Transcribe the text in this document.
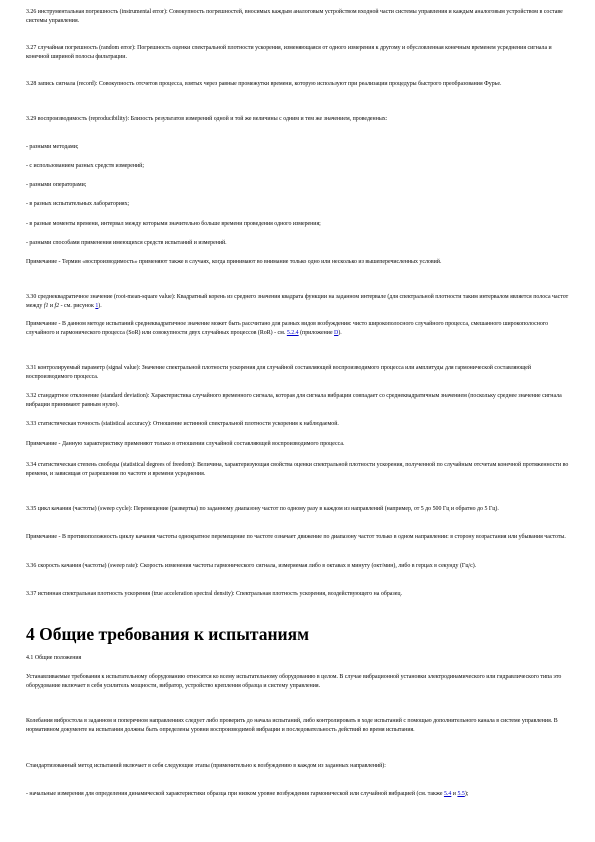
3.26 инструментальная погрешность (instrumental error): Совокупность погрешностей, вносимых каждым аналоговым устройством входной части системы управления и каждым аналоговым устройством в составе системы управления.

3.27 случайная погрешность (random error): Погрешность оценки спектральной плотности ускорения, изменяющаяся от одного измерения к другому и обусловленная конечным временем усреднения сигнала и конечной шириной полосы фильтрации.

3.28 запись сигнала (record): Совокупность отсчетов процесса, взятых через равные промежутки времени, которую используют при реализации процедуры быстрого преобразования Фурье.

3.29 воспроизводимость (reproducibility): Близость результатов измерений одной и той же величины с одним и тем же значением, проведенных:

- разными методами;

- с использованием разных средств измерений;

- разными операторами;

- в разных испытательных лабораториях;

- в разные моменты времени, интервал между которыми значительно больше времени проведения одного измерения;

- разными способами применения имеющихся средств испытаний и измерений.

Примечание - Термин «воспроизводимость» применяют также в случаях, когда принимают во внимание только одно или несколько из вышеперечисленных условий.

3.30 среднеквадратичное значение (root-mean-square value): Квадратный корень из среднего значения квадрата функции на заданном интервале (для спектральной плотности таким интервалом является полоса частот между f1 и f2 - см. рисунок 1).

Примечание - В данном методе испытаний среднеквадратичное значение может быть рассчитано для разных видов возбуждения: чисто широкополосного случайного процесса, смешанного широкополосного случайного и гармонического процесса (SoR) или совокупности двух случайных процессов (RoR) - см. 5.2.4 (приложение D).

3.31 контролируемый параметр (signal value): Значение спектральной плотности ускорения для случайной составляющей воспроизводимого процесса или амплитуды для гармонической составляющей воспроизводимого процесса.

3.32 стандартное отклонение (standard deviation): Характеристика случайного временного сигнала, которая для сигнала вибрации совпадает со среднеквадратичным значением (поскольку среднее значение сигнала вибрации принимают равным нулю).

3.33 статистическая точность (statistical accuracy): Отношение истинной спектральной плотности ускорения к наблюдаемой.

Примечание - Данную характеристику применяют только в отношении случайной составляющей воспроизводимого процесса.

3.34 статистическая степень свободы (statistical degrees of freedom): Величина, характеризующая свойства оценки спектральной плотности ускорения, полученной по случайным отсчетам конечной протяженности во времени, и зависящая от разрешения по частоте и времени усреднения.

3.35 цикл качания (частоты) (sweep cycle): Перемещение (развертка) по заданному диапазону частот по одному разу в каждом из направлений (например, от 5 до 500 Гц и обратно до 5 Гц).

Примечание - В противоположность циклу качания частоты однократное перемещение по частоте означает движение по диапазону частот только в одном направлении: в сторону возрастания или убывания частоты.

3.36 скорость качания (частоты) (sweep rate): Скорость изменения частоты гармонического сигнала, измеряемая либо в октавах в минуту (окт/мин), либо в герцах в секунду (Гц/с).

3.37 истинная спектральная плотность ускорения (true acceleration spectral density): Спектральная плотность ускорения, воздействующего на образец.

4 Общие требования к испытаниям

4.1 Общие положения

Устанавливаемые требования к испытательному оборудованию относятся ко всему испытательному оборудованию в целом. В случае вибрационной установки электродинамического или гидравлического типа это оборудование включает в себя усилитель мощности, вибратор, устройство крепления образца и систему управления.

Колебания вибростола в заданном и поперечном направлениях следует либо проверить до начала испытаний, либо контролировать в ходе испытаний с помощью дополнительного канала в системе управления. В нормативном документе на испытания должны быть определены уровни воспроизводимой вибрации и последовательность действий во время испытания.

Стандартизованный метод испытаний включает в себя следующие этапы (применительно к возбуждению в каждом из заданных направлений):

- начальные измерения для определения динамической характеристики образца при низком уровне возбуждения гармонической или случайной вибрацией (см. также 5.4 и 5.5);
